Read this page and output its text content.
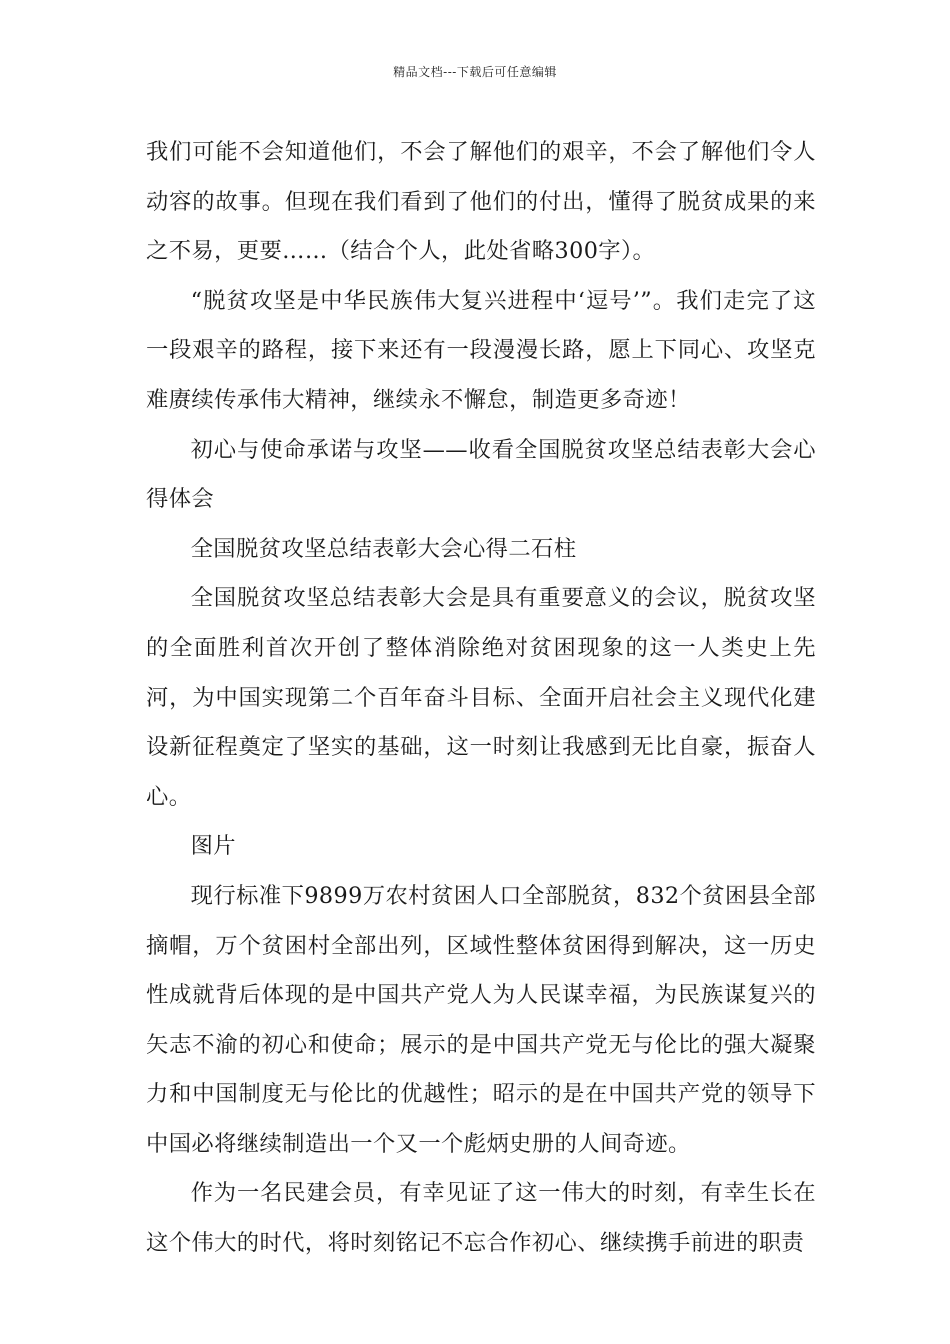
精品文档---下载后可任意编辑

我们可能不会知道他们，不会了解他们的艰辛，不会了解他们令人动容的故事。但现在我们看到了他们的付出，懂得了脱贫成果的来之不易，更要……（结合个人，此处省略300字）。

“脱贫攻坚是中华民族伟大复兴进程中‘逗号’”。我们走完了这一段艰辛的路程，接下来还有一段漫漫长路，愿上下同心、攻坚克难赓续传承伟大精神，继续永不懈怠，制造更多奇迹！

初心与使命承诺与攻坚——收看全国脱贫攻坚总结表彰大会心得体会

全国脱贫攻坚总结表彰大会心得二石柱

全国脱贫攻坚总结表彰大会是具有重要意义的会议，脱贫攻坚的全面胜利首次开创了整体消除绝对贫困现象的这一人类史上先河，为中国实现第二个百年奋斗目标、全面开启社会主义现代化建设新征程奠定了坚实的基础，这一时刻让我感到无比自豪，振奋人心。

图片

现行标准下9899万农村贫困人口全部脱贫，832个贫困县全部摘帽，万个贫困村全部出列，区域性整体贫困得到解决，这一历史性成就背后体现的是中国共产党人为人民谋幸福，为民族谋复兴的矢志不渝的初心和使命；展示的是中国共产党无与伦比的强大凝聚力和中国制度无与伦比的优越性；昭示的是在中国共产党的领导下中国必将继续制造出一个又一个彪炳史册的人间奇迹。

作为一名民建会员，有幸见证了这一伟大的时刻，有幸生长在这个伟大的时代，将时刻铭记不忘合作初心、继续携手前进的职责
